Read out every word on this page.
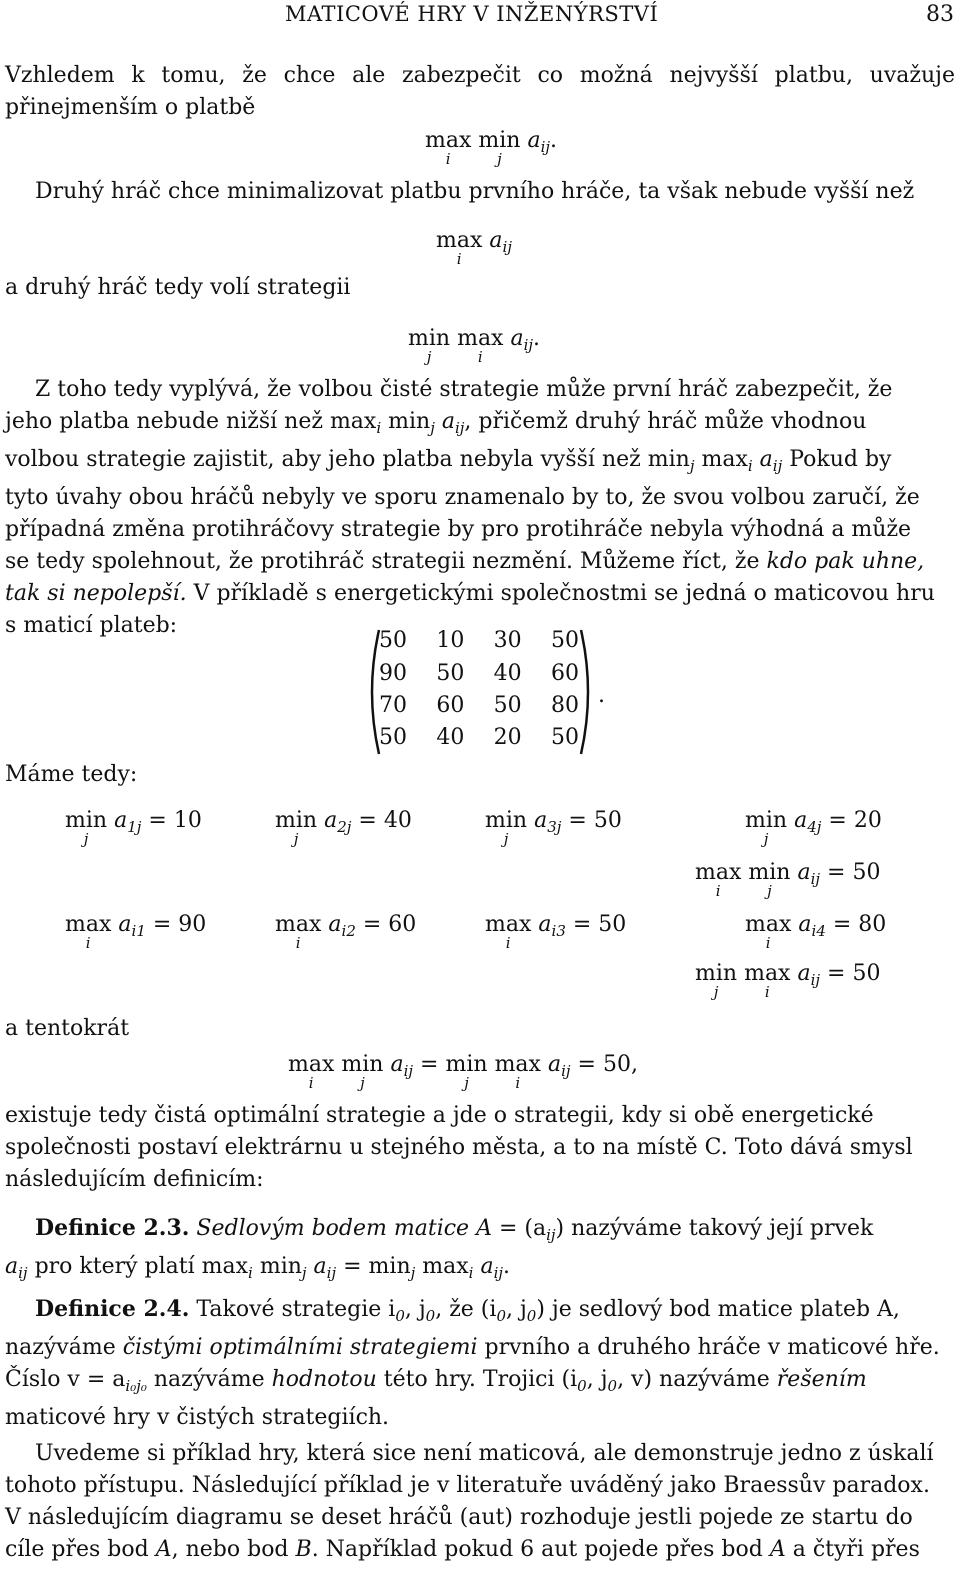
MATICOVÉ HRY V INŽENÝRSTVÍ	83
Vzhledem k tomu, že chce ale zabezpečit co možná nejvyšší platbu, uvažuje přinejmenším o platbě
max
i
min
j
$a_{ij}$.
Druhý hráč chce minimalizovat platbu prvního hráče, ta však nebude vyšší než
max
i
$a_{ij}$
a druhý hráč tedy volí strategii
min
j
max
i
$a_{ij}$.
Z toho tedy vyplývá, že volbou čisté strategie může první hráč zabezpečit, že
jeho platba nebude nižší než $\max_i \min_j a_{ij}$, přičemž druhý hráč může vhodnou
volbou strategie zajistit, aby jeho platba nebyla vyšší než $\min_j \max_i a_{ij}$ Pokud by
tyto úvahy obou hráčů nebyly ve sporu znamenalo by to, že svou volbou zaručí, že
případná změna protihráčovy strategie by pro protihráče nebyla výhodná a může
se tedy spolehnout, že protihráč strategii nezmění. Můžeme říct, že kdo pak uhne,
tak si nepolepší. V příkladě s energetickými společnostmi se jedná o maticovou hru
s maticí plateb:
50 10 30 50
90 50 40 60
70 60 50 80
50 40 20 50
.
Máme tedy:
min
j
$a_{1j} = 10$	min
j
$a_{2j} = 40$	min
j
$a_{3j} = 50$	min
j
$a_{4j} = 20$
max
i
min
j
$a_{ij} = 50$
max
i
$a_{i1} = 90$	max
i
$a_{i2} = 60$	max
i
$a_{i3} = 50$	max
i
$a_{i4} = 80$
min
j
max
i
$a_{ij} = 50$
a tentokrát
max
i
min
j
$a_{ij} = \min$
j
max
i
$a_{ij} = 50$,
existuje tedy čistá optimální strategie a jde o strategii, kdy si obě energetické
společnosti postaví elektrárnu u stejného města, a to na místě C. Toto dává smysl
následujícím definicím:
Definice 2.3. Sedlovým bodem matice $A = (a_{ij})$ nazýváme takový její prvek
$a_{ij}$ pro který platí $\max_i \min_j a_{ij} = \min_j \max_i a_{ij}$.
Definice 2.4. Takové strategie $i_0$, $j_0$, že ($i_0$, $j_0$) je sedlový bod matice plateb A,
nazýváme čistými optimálními strategiemi prvního a druhého hráče v maticové hře.
Číslo $v = a_{i_0j_0}$ nazýváme hodnotou této hry. Trojici ($i_0$, $j_0$, v) nazýváme řešením
maticové hry v čistých strategiích.
Uvedeme si příklad hry, která sice není maticová, ale demonstruje jedno z úskalí
tohoto přístupu. Následující příklad je v literatuře uváděný jako Braessův paradox.
V následujícím diagramu se deset hráčů (aut) rozhoduje jestli pojede ze startu do
cíle přes bod A, nebo bod B. Například pokud 6 aut pojede přes bod A a čtyři přes
